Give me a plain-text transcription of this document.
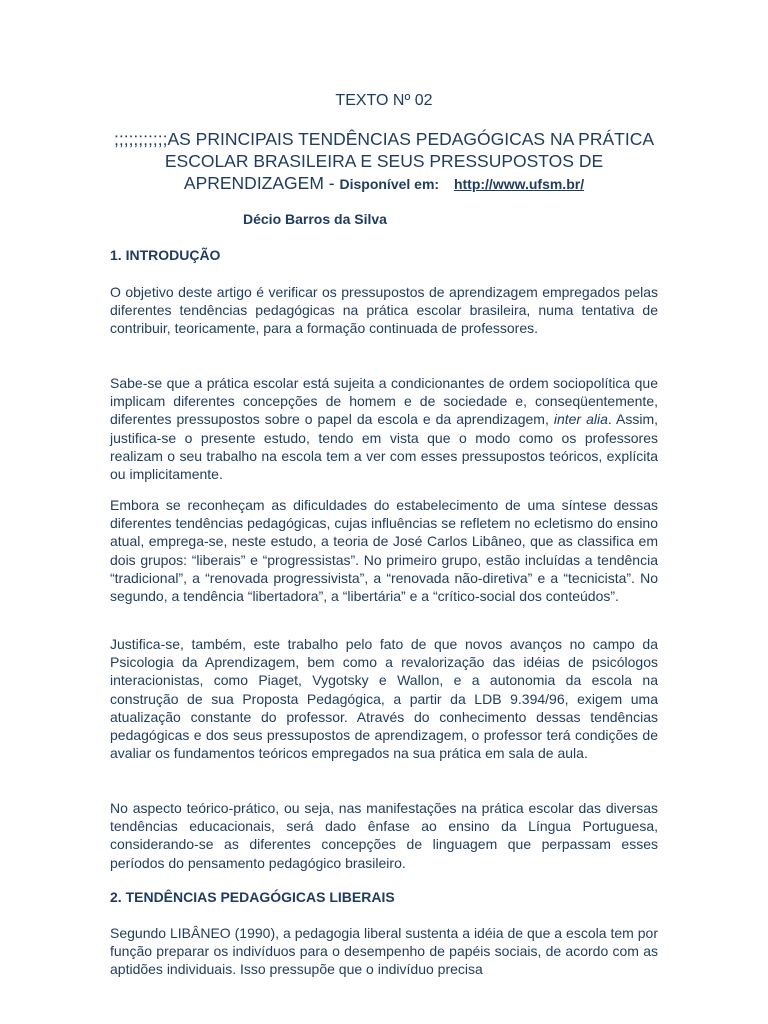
TEXTO Nº 02
;;;;;;;;;;;AS PRINCIPAIS TENDÊNCIAS PEDAGÓGICAS NA PRÁTICA ESCOLAR BRASILEIRA E SEUS PRESSUPOSTOS DE APRENDIZAGEM - Disponível em: http://www.ufsm.br/
Décio Barros da Silva
1. INTRODUÇÃO

O objetivo deste artigo é verificar os pressupostos de aprendizagem empregados pelas diferentes tendências pedagógicas na prática escolar brasileira, numa tentativa de contribuir, teoricamente, para a formação continuada de professores.

Sabe-se que a prática escolar está sujeita a condicionantes de ordem sociopolítica que implicam diferentes concepções de homem e de sociedade e, conseqüentemente, diferentes pressupostos sobre o papel da escola e da aprendizagem, inter alia. Assim, justifica-se o presente estudo, tendo em vista que o modo como os professores realizam o seu trabalho na escola tem a ver com esses pressupostos teóricos, explícita ou implicitamente.

Embora se reconheçam as dificuldades do estabelecimento de uma síntese dessas diferentes tendências pedagógicas, cujas influências se refletem no ecletismo do ensino atual, emprega-se, neste estudo, a teoria de José Carlos Libâneo, que as classifica em dois grupos: “liberais” e “progressistas”. No primeiro grupo, estão incluídas a tendência “tradicional”, a “renovada progressivista”, a “renovada não-diretiva” e a “tecnicista”. No segundo, a tendência “libertadora”, a “libertária” e a “crítico-social dos conteúdos”.

Justifica-se, também, este trabalho pelo fato de que novos avanços no campo da Psicologia da Aprendizagem, bem como a revalorização das idéias de psicólogos interacionistas, como Piaget, Vygotsky e Wallon, e a autonomia da escola na construção de sua Proposta Pedagógica, a partir da LDB 9.394/96, exigem uma atualização constante do professor. Através do conhecimento dessas tendências pedagógicas e dos seus pressupostos de aprendizagem, o professor terá condições de avaliar os fundamentos teóricos empregados na sua prática em sala de aula.

No aspecto teórico-prático, ou seja, nas manifestações na prática escolar das diversas tendências educacionais, será dado ênfase ao ensino da Língua Portuguesa, considerando-se as diferentes concepções de linguagem que perpassam esses períodos do pensamento pedagógico brasileiro.

2. TENDÊNCIAS PEDAGÓGICAS LIBERAIS

Segundo LIBÂNEO (1990), a pedagogia liberal sustenta a idéia de que a escola tem por função preparar os indivíduos para o desempenho de papéis sociais, de acordo com as aptidões individuais. Isso pressupõe que o indivíduo precisa
